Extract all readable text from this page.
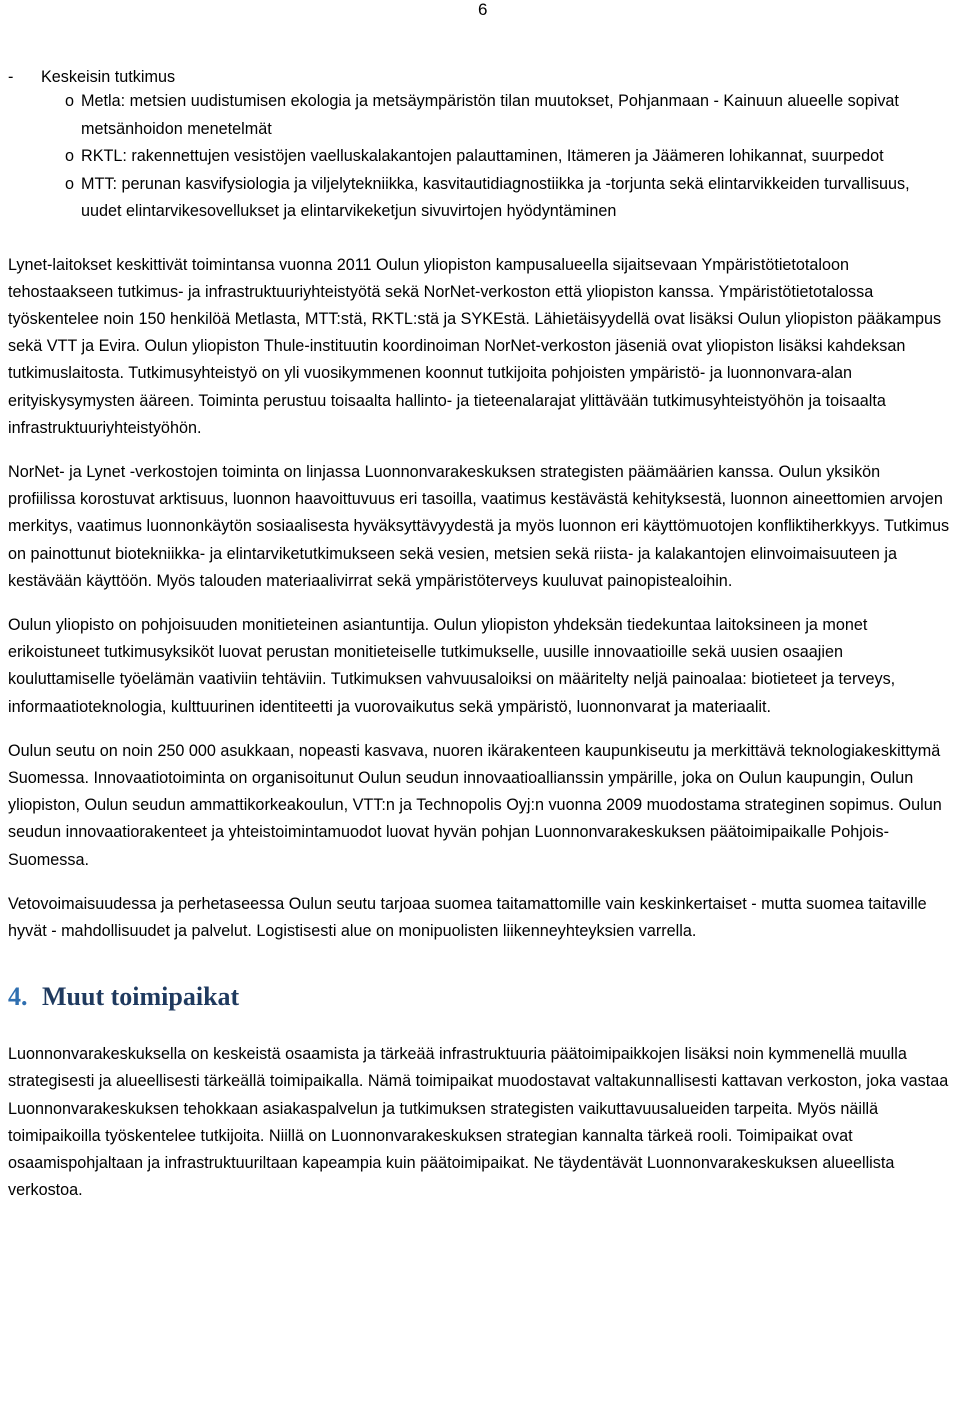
6
- Keskeisin tutkimus
o Metla: metsien uudistumisen ekologia ja metsäympäristön tilan muutokset, Pohjanmaan - Kainuun alueelle sopivat metsänhoidon menetelmät
o RKTL: rakennettujen vesistöjen vaelluskalakantojen palauttaminen, Itämeren ja Jäämeren lohikannat, suurpedot
o MTT: perunan kasvifysiologia ja viljelytekniikka, kasvitautidiagnostiikka ja -torjunta sekä elintarvikkeiden turvallisuus, uudet elintarvikesovellukset ja elintarvikeketjun sivuvirtojen hyödyntäminen

Lynet-laitokset keskittivät toimintansa vuonna 2011 Oulun yliopiston kampusalueella sijaitsevaan Ympäristötietotaloon tehostaakseen tutkimus- ja infrastruktuuriyhteistyötä sekä NorNet-verkoston että yliopiston kanssa. Ympäristötietotalossa työskentelee noin 150 henkilöä Metlasta, MTT:stä, RKTL:stä ja SYKEstä. Lähietäisyydellä ovat lisäksi Oulun yliopiston pääkampus sekä VTT ja Evira. Oulun yliopiston Thule-instituutin koordinoiman NorNet-verkoston jäseniä ovat yliopiston lisäksi kahdeksan tutkimuslaitosta. Tutkimusyhteistyö on yli vuosikymmenen koonnut tutkijoita pohjoisten ympäristö- ja luonnonvara-alan erityiskysymysten ääreen. Toiminta perustuu toisaalta hallinto- ja tieteenalarajat ylittävään tutkimusyhteistyöhön ja toisaalta infrastruktuuriyhteistyöhön.

NorNet- ja Lynet -verkostojen toiminta on linjassa Luonnonvarakeskuksen strategisten päämäärien kanssa. Oulun yksikön profiilissa korostuvat arktisuus, luonnon haavoittuvuus eri tasoilla, vaatimus kestävästä kehityksestä, luonnon aineettomien arvojen merkitys, vaatimus luonnonkäytön sosiaalisesta hyväksyttävyydestä ja myös luonnon eri käyttömuotojen konfliktiherkkyys. Tutkimus on painottunut biotekniikka- ja elintarviketutkimukseen sekä vesien, metsien sekä riista- ja kalakantojen elinvoimaisuuteen ja kestävään käyttöön. Myös talouden materiaalivirrat sekä ympäristöterveys kuuluvat painopistealoihin.

Oulun yliopisto on pohjoisuuden monitieteinen asiantuntija. Oulun yliopiston yhdeksän tiedekuntaa laitoksineen ja monet erikoistuneet tutkimusyksiköt luovat perustan monitieteiselle tutkimukselle, uusille innovaatioille sekä uusien osaajien kouluttamiselle työelämän vaativiin tehtäviin. Tutkimuksen vahvuusaloiksi on määritelty neljä painoalaa: biotieteet ja terveys, informaatioteknologia, kulttuurinen identiteetti ja vuorovaikutus sekä ympäristö, luonnonvarat ja materiaalit.

Oulun seutu on noin 250 000 asukkaan, nopeasti kasvava, nuoren ikärakenteen kaupunkiseutu ja merkittävä teknologiakeskittymä Suomessa. Innovaatiotoiminta on organisoitunut Oulun seudun innovaatioallianssin ympärille, joka on Oulun kaupungin, Oulun yliopiston, Oulun seudun ammattikorkeakoulun, VTT:n ja Technopolis Oyj:n vuonna 2009 muodostama strateginen sopimus. Oulun seudun innovaatiorakenteet ja yhteistoimintamuodot luovat hyvän pohjan Luonnonvarakeskuksen päätoimipaikalle Pohjois-Suomessa.

Vetovoimaisuudessa ja perhetaseessa Oulun seutu tarjoaa suomea taitamattomille vain keskinkertaiset - mutta suomea taitaville hyvät - mahdollisuudet ja palvelut. Logistisesti alue on monipuolisten liikenneyhteyksien varrella.

4. Muut toimipaikat

Luonnonvarakeskuksella on keskeistä osaamista ja tärkeää infrastruktuuria päätoimipaikkojen lisäksi noin kymmenellä muulla strategisesti ja alueellisesti tärkeällä toimipaikalla. Nämä toimipaikat muodostavat valtakunnallisesti kattavan verkoston, joka vastaa Luonnonvarakeskuksen tehokkaan asiakaspalvelun ja tutkimuksen strategisten vaikuttavuusalueiden tarpeita. Myös näillä toimipaikoilla työskentelee tutkijoita. Niillä on Luonnonvarakeskuksen strategian kannalta tärkeä rooli. Toimipaikat ovat osaamispohjaltaan ja infrastruktuuriltaan kapeampia kuin päätoimipaikat. Ne täydentävät Luonnonvarakeskuksen alueellista verkostoa.
